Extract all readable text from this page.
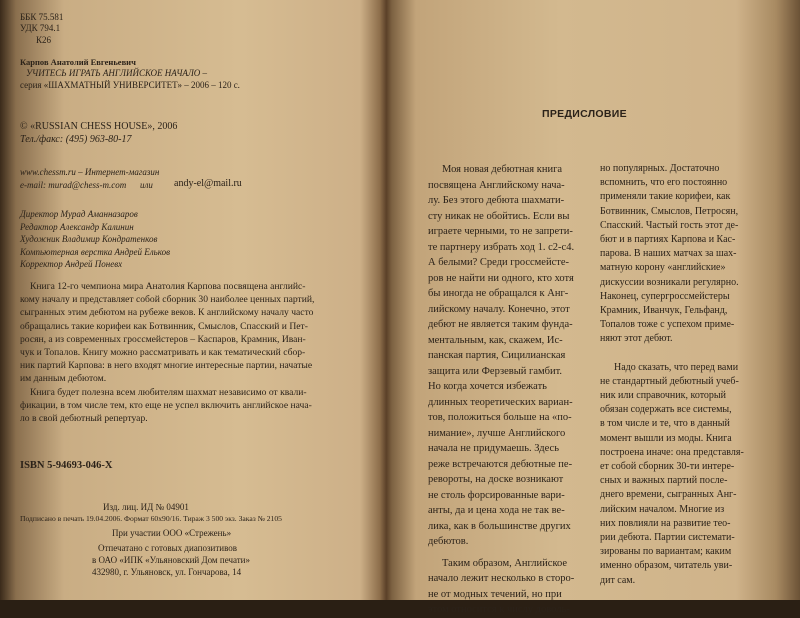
ББК 75.581
УДК 794.1
К26
Карпов Анатолий Евгеньевич
УЧИТЕСЬ ИГРАТЬ АНГЛИЙСКОЕ НАЧАЛО –
серия «ШАХМАТНЫЙ УНИВЕРСИТЕТ» – 2006 – 120 с.
© «RUSSIAN CHESS HOUSE», 2006
Тел./факс: (495) 963-80-17
www.chessm.ru – Интернет-магазин
e-mail: murad@chess-m.com или andy-el@mail.ru
Директор Мурад Аманназаров
Редактор Александр Калинин
Художник Владимир Кондратенков
Компьютерная верстка Андрей Ельков
Корректор Андрей Поневх
Книга 12-го чемпиона мира Анатолия Карпова посвящена английс-
кому началу и представляет собой сборник 30 наиболее ценных партий,
сыгранных этим дебютом на рубеже веков. К английскому началу часто
обращались такие корифеи как Ботвинник, Смыслов, Спасский и Пет-
росян, а из современных гроссмейстеров – Каспаров, Крамник, Иван-
чук и Топалов. Книгу можно рассматривать и как тематический сбор-
ник партий Карпова: в него входят многие интересные партии, начатые
им данным дебютом.
Книга будет полезна всем любителям шахмат независимо от квали-
фикации, в том числе тем, кто еще не успел включить английское нача-
ло в свой дебютный репертуар.
ISBN 5-94693-046-X
Изд. лиц. ИД № 04901
Подписано в печать 19.04.2006. Формат 60х90/16. Тираж 3 500 экз. Заказ № 2105
При участии ООО «Стрежень»
Отпечатано с готовых диапозитивов
в ОАО «ИПК «Ульяновский Дом печати»
432980, г. Ульяновск, ул. Гончарова, 14
ПРЕДИСЛОВИЕ
Моя новая дебютная книга
посвящена Английскому нача-
лу. Без этого дебюта шахмати-
сту никак не обойтись. Если вы
играете черными, то не запрети-
те партнеру избрать ход 1. с2-с4.
А белыми? Среди гроссмейсте-
ров не найти ни одного, кто хотя
бы иногда не обращался к Анг-
лийскому началу. Конечно, этот
дебют не является таким фунда-
ментальным, как, скажем, Ис-
панская партия, Сицилианская
защита или Ферзевый гамбит.
Но когда хочется избежать
длинных теоретических вариан-
тов, положиться больше на «по-
нимание», лучше Английского
начала не придумаешь. Здесь
реже встречаются дебютные пе-
ревороты, на доске возникают
не столь форсированные вари-
анты, да и цена хода не так ве-
лика, как в большинстве других
дебютов.
Таким образом, Английское
начало лежит несколько в сторо-
не от модных течений, но при
этом относится к числу доволь-
но популярных. Достаточно
вспомнить, что его постоянно
применяли такие корифеи, как
Ботвинник, Смыслов, Петросян,
Спасский. Частый гость этот де-
бют и в партиях Карпова и Кас-
парова. В наших матчах за шах-
матную корону «английские»
дискуссии возникали регулярно.
Наконец, супергроссмейстеры
Крамник, Иванчук, Гельфанд,
Топалов тоже с успехом приме-
няют этот дебют.
Надо сказать, что перед вами
не стандартный дебютный учеб-
ник или справочник, который
обязан содержать все системы,
в том числе и те, что в данный
момент вышли из моды. Книга
построена иначе: она представля-
ет собой сборник 30-ти интере-
сных и важных партий после-
днего времени, сыгранных Анг-
лийским началом. Многие из
них повлияли на развитие тео-
рии дебюта. Партии системати-
зированы по вариантам; каким
именно образом, читатель уви-
дит сам.
